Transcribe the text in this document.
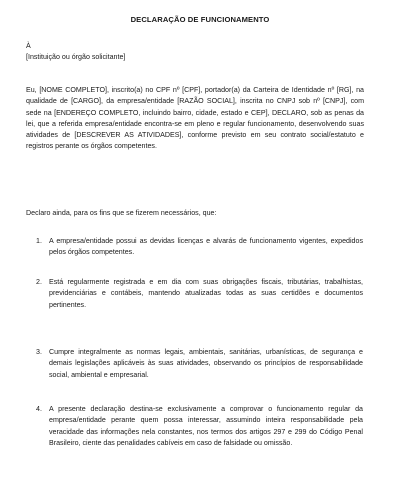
DECLARAÇÃO DE FUNCIONAMENTO
À
[Instituição ou órgão solicitante]

Eu, [NOME COMPLETO], inscrito(a) no CPF nº [CPF], portador(a) da Carteira de Identidade nº [RG], na qualidade de [CARGO], da empresa/entidade [RAZÃO SOCIAL], inscrita no CNPJ sob nº [CNPJ], com sede na [ENDEREÇO COMPLETO, incluindo bairro, cidade, estado e CEP], DECLARO, sob as penas da lei, que a referida empresa/entidade encontra-se em pleno e regular funcionamento, desenvolvendo suas atividades de [DESCREVER AS ATIVIDADES], conforme previsto em seu contrato social/estatuto e registros perante os órgãos competentes.

Declaro ainda, para os fins que se fizerem necessários, que:

1. A empresa/entidade possui as devidas licenças e alvarás de funcionamento vigentes, expedidos pelos órgãos competentes.
2. Está regularmente registrada e em dia com suas obrigações fiscais, tributárias, trabalhistas, previdenciárias e contábeis, mantendo atualizadas todas as suas certidões e documentos pertinentes.
3. Cumpre integralmente as normas legais, ambientais, sanitárias, urbanísticas, de segurança e demais legislações aplicáveis às suas atividades, observando os princípios de responsabilidade social, ambiental e empresarial.
4. A presente declaração destina-se exclusivamente a comprovar o funcionamento regular da empresa/entidade perante quem possa interessar, assumindo inteira responsabilidade pela veracidade das informações nela constantes, nos termos dos artigos 297 e 299 do Código Penal Brasileiro, ciente das penalidades cabíveis em caso de falsidade ou omissão.
